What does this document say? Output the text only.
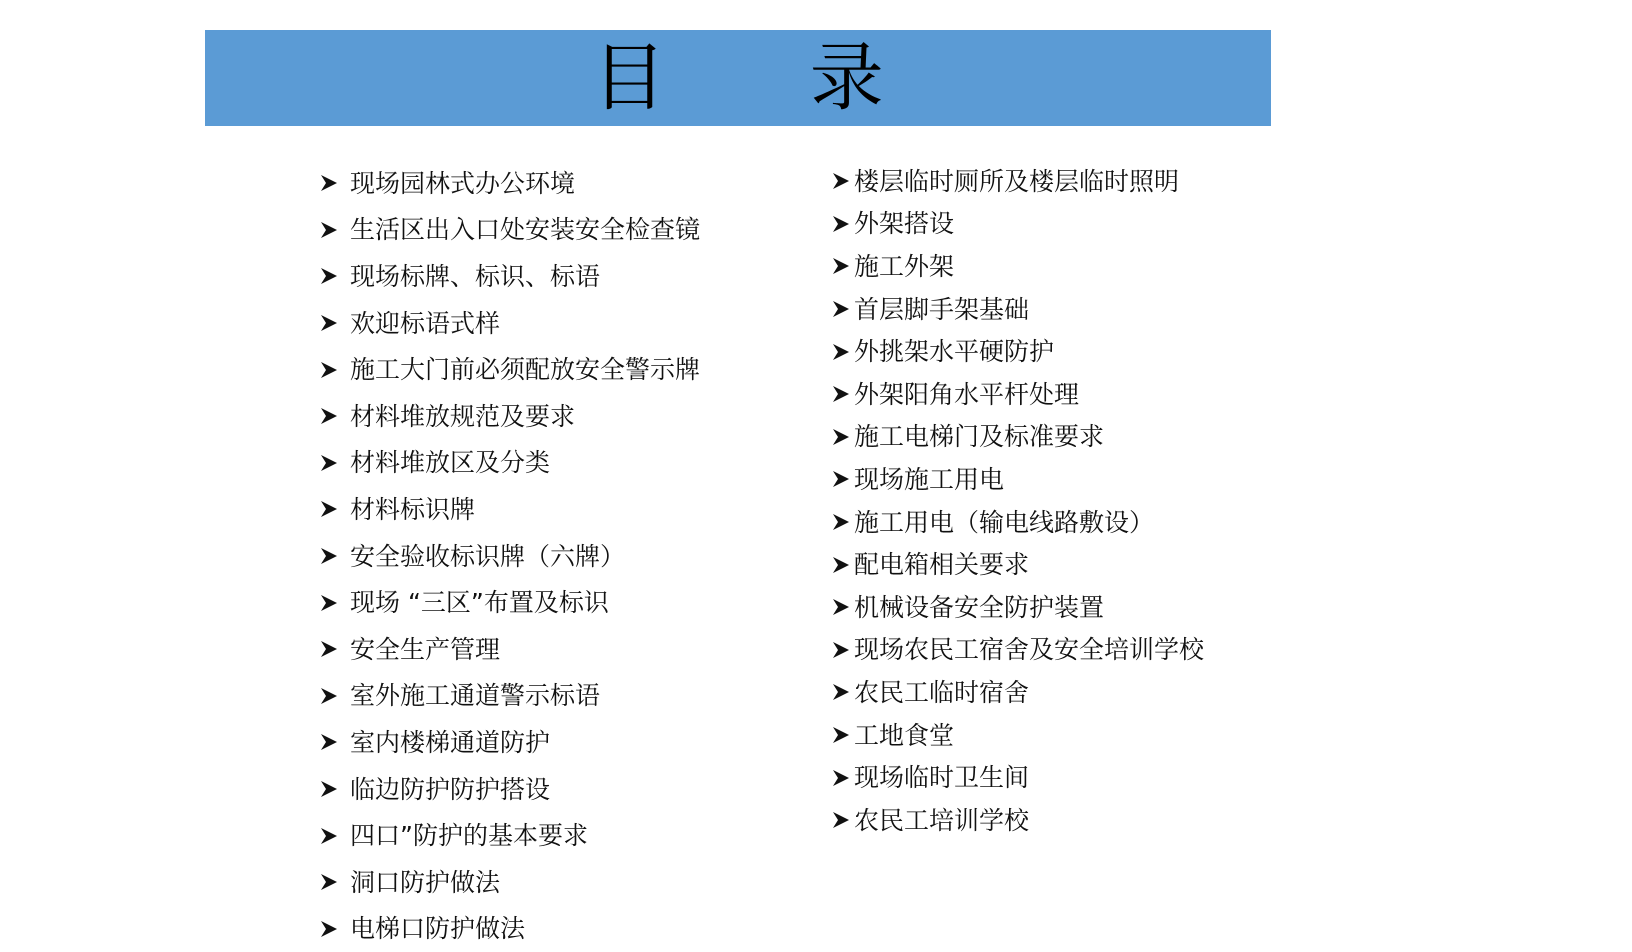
目 录
现场园林式办公环境
生活区出入口处安装安全检查镜
现场标牌、标识、标语
欢迎标语式样
施工大门前必须配放安全警示牌
材料堆放规范及要求
材料堆放区及分类
材料标识牌
安全验收标识牌（六牌）
现场 “三区”布置及标识
安全生产管理
室外施工通道警示标语
室内楼梯通道防护
临边防护防护搭设
四口”防护的基本要求
洞口防护做法
电梯口防护做法
楼层临时厕所及楼层临时照明
外架搭设
施工外架
首层脚手架基础
外挑架水平硬防护
外架阳角水平杆处理
施工电梯门及标准要求
现场施工用电
施工用电（输电线路敷设）
配电箱相关要求
机械设备安全防护装置
现场农民工宿舍及安全培训学校
农民工临时宿舍
工地食堂
现场临时卫生间
农民工培训学校
